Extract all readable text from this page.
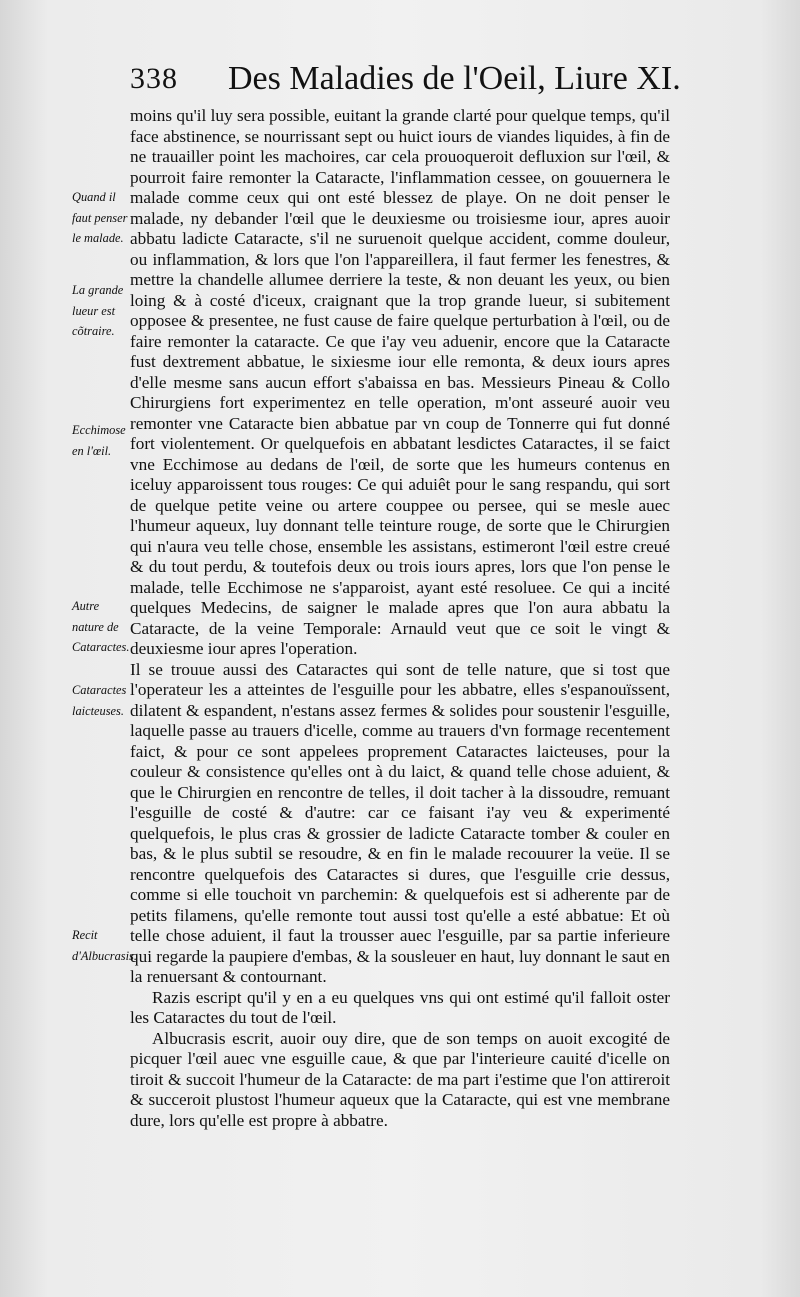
338 Des Maladies de l'Oeil, Liure XI.

moins qu'il luy sera possible, euitant la grande clarté pour quelque temps, qu'il face abstinence, se nourrissant sept ou huict iours de viandes liquides, à fin de ne trauailler point les machoires, car cela prouoqueroit defluxion sur l'œil, & pourroit faire remonter la Cataracte, l'inflammation cessee, on gouuernera le malade comme ceux qui ont esté blessez de playe. On ne doit penser le malade, ny debander l'œil que le deuxiesme ou troisiesme iour, apres auoir abbatu ladicte Cataracte, s'il ne suruenoit quelque accident, comme douleur, ou inflammation, & lors que l'on l'appareillera, il faut fermer les fenestres, & mettre la chandelle allumee derriere la teste, & non deuant les yeux, ou bien loing & à costé d'iceux, craignant que la trop grande lueur, si subitement opposee & presentee, ne fust cause de faire quelque perturbation à l'œil, ou de faire remonter la cataracte. Ce que i'ay veu aduenir, encore que la Cataracte fust dextrement abbatue, le sixiesme iour elle remonta, & deux iours apres d'elle mesme sans aucun effort s'abaissa en bas. Messieurs Pineau & Collo Chirurgiens fort experimentez en telle operation, m'ont asseuré auoir veu remonter vne Cataracte bien abbatue par vn coup de Tonnerre qui fut donné fort violentement. Or quelquefois en abbatant lesdictes Cataractes, il se faict vne Ecchimose au dedans de l'œil, de sorte que les humeurs contenus en iceluy apparoissent tous rouges: Ce qui aduiêt pour le sang respandu, qui sort de quelque petite veine ou artere couppee ou persee, qui se mesle auec l'humeur aqueux, luy donnant telle teinture rouge, de sorte que le Chirurgien qui n'aura veu telle chose, ensemble les assistans, estimeront l'œil estre creué & du tout perdu, & toutefois deux ou trois iours apres, lors que l'on pense le malade, telle Ecchimose ne s'apparoist, ayant esté resoluee. Ce qui a incité quelques Medecins, de saigner le malade apres que l'on aura abbatu la Cataracte, de la veine Temporale: Arnauld veut que ce soit le vingt & deuxiesme iour apres l'operation.

Il se trouue aussi des Cataractes qui sont de telle nature, que si tost que l'operateur les a atteintes de l'esguille pour les abbatre, elles s'espanouïssent, dilatent & espandent, n'estans assez fermes & solides pour soustenir l'esguille, laquelle passe au trauers d'icelle, comme au trauers d'vn formage recentement faict, & pour ce sont appelees proprement Cataractes laicteuses, pour la couleur & consistence qu'elles ont à du laict, & quand telle chose aduient, & que le Chirurgien en rencontre de telles, il doit tacher à la dissoudre, remuant l'esguille de costé & d'autre: car ce faisant i'ay veu & experimenté quelquefois, le plus cras & grossier de ladicte Cataracte tomber & couler en bas, & le plus subtil se resoudre, & en fin le malade recouurer la veüe. Il se rencontre quelquefois des Cataractes si dures, que l'esguille crie dessus, comme si elle touchoit vn parchemin: & quelquefois est si adherente par de petits filamens, qu'elle remonte tout aussi tost qu'elle a esté abbatue: Et où telle chose aduient, il faut la trousser auec l'esguille, par sa partie inferieure qui regarde la paupiere d'embas, & la sousleuer en haut, luy donnant le saut en la renuersant & contournant.

Razis escript qu'il y en a eu quelques vns qui ont estimé qu'il falloit oster les Cataractes du tout de l'œil.

Albucrasis escrit, auoir ouy dire, que de son temps on auoit excogité de picquer l'œil auec vne esguille caue, & que par l'interieure cauité d'icelle on tiroit & succoit l'humeur de la Cataracte: de ma part i'estime que l'on attireroit & succeroit plustost l'humeur aqueux que la Cataracte, qui est vne membrane dure, lors qu'elle est propre à abbatre.

Quand il faut penser le malade.
La grande lueur est cõtraire.
Ecchimose en l'œil.
Autre nature de Cataractes.
Cataractes laicteuses.
Recit d'Albucrasis.
